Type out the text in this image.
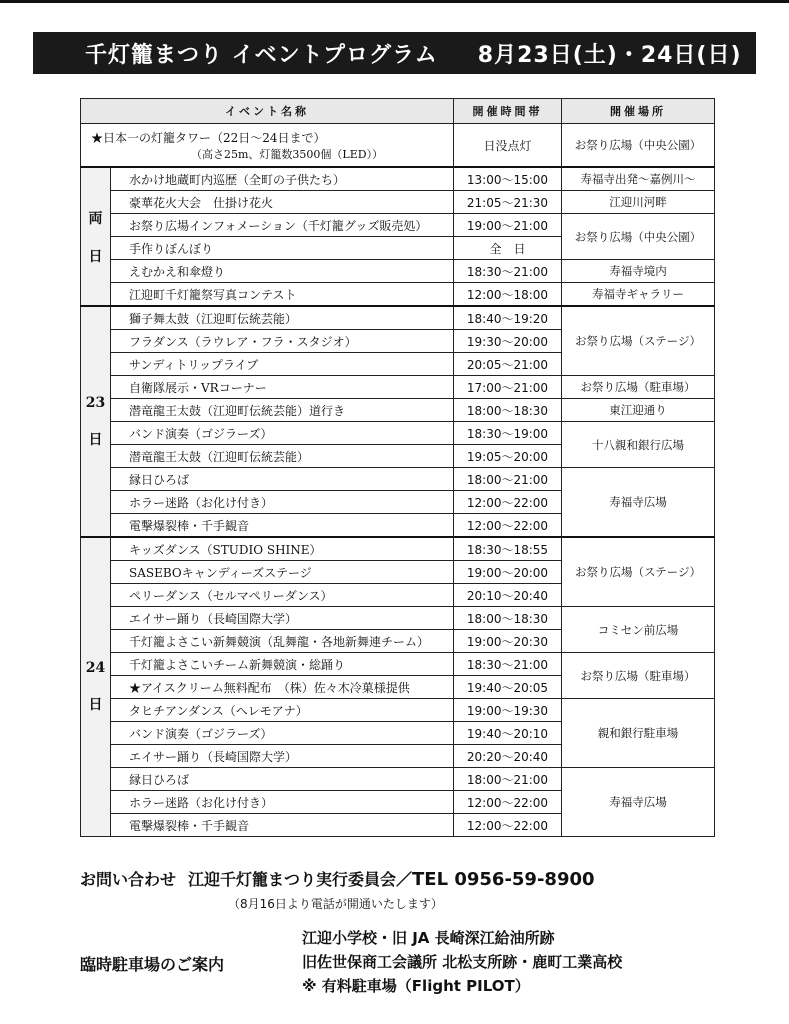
千灯籠まつり イベントプログラム 8月23日(土)・24日(日)
イベント名称		開催時間帯	開催場所

★日本一の灯籠タワー（22日〜24日まで）
（高さ25m、灯籠数3500個（LED））		日没点灯	お祭り広場（中央公園）

両
日	水かけ地蔵町内巡歴（全町の子供たち）	13:00〜15:00	寿福寺出発〜嘉例川〜
	豪華花火大会　仕掛け花火	21:05〜21:30	江迎川河畔
	お祭り広場インフォメーション（千灯籠グッズ販売処）	19:00〜21:00	お祭り広場（中央公園）
	手作りぼんぼり	全　日	
	えむかえ和傘燈り	18:30〜21:00	寿福寺境内
	江迎町千灯籠祭写真コンテスト	12:00〜18:00	寿福寺ギャラリー

23
日	獅子舞太鼓（江迎町伝統芸能）	18:40〜19:20	お祭り広場（ステージ）
	フラダンス（ラウレア・フラ・スタジオ）	19:30〜20:00	
	サンディトリップライブ	20:05〜21:00	
	自衛隊展示・VRコーナー	17:00〜21:00	お祭り広場（駐車場）
	潜竜龍王太鼓（江迎町伝統芸能）道行き	18:00〜18:30	東江迎通り
	バンド演奏（ゴジラーズ）	18:30〜19:00	十八親和銀行広場
	潜竜龍王太鼓（江迎町伝統芸能）	19:05〜20:00	
	縁日ひろば	18:00〜21:00	寿福寺広場
	ホラー迷路（お化け付き）	12:00〜22:00	
	電撃爆裂棒・千手観音	12:00〜22:00	

24
日	キッズダンス（STUDIO SHINE）	18:30〜18:55	お祭り広場（ステージ）
	SASEBOキャンディーズステージ	19:00〜20:00	
	ペリーダンス（セルマペリーダンス）	20:10〜20:40	
	エイサー踊り（長崎国際大学）	18:00〜18:30	コミセン前広場
	千灯籠よさこい新舞競演（乱舞龍・各地新舞連チーム）	19:00〜20:30	
	千灯籠よさこいチーム新舞競演・総踊り	18:30〜21:00	お祭り広場（駐車場）
	★アイスクリーム無料配布　（株）佐々木冷菓様提供	19:40〜20:05	
	タヒチアンダンス（ヘレモアナ）	19:00〜19:30	親和銀行駐車場
	バンド演奏（ゴジラーズ）	19:40〜20:10	
	エイサー踊り（長崎国際大学）	20:20〜20:40	
	縁日ひろば	18:00〜21:00	寿福寺広場
	ホラー迷路（お化け付き）	12:00〜22:00	
	電撃爆裂棒・千手観音	12:00〜22:00	
お問い合わせ 江迎千灯籠まつり実行委員会／TEL 0956-59-8900
（8月16日より電話が開通いたします）
臨時駐車場のご案内
江迎小学校・旧 JA 長崎深江給油所跡
旧佐世保商工会議所 北松支所跡・鹿町工業高校
※ 有料駐車場（Flight PILOT）
